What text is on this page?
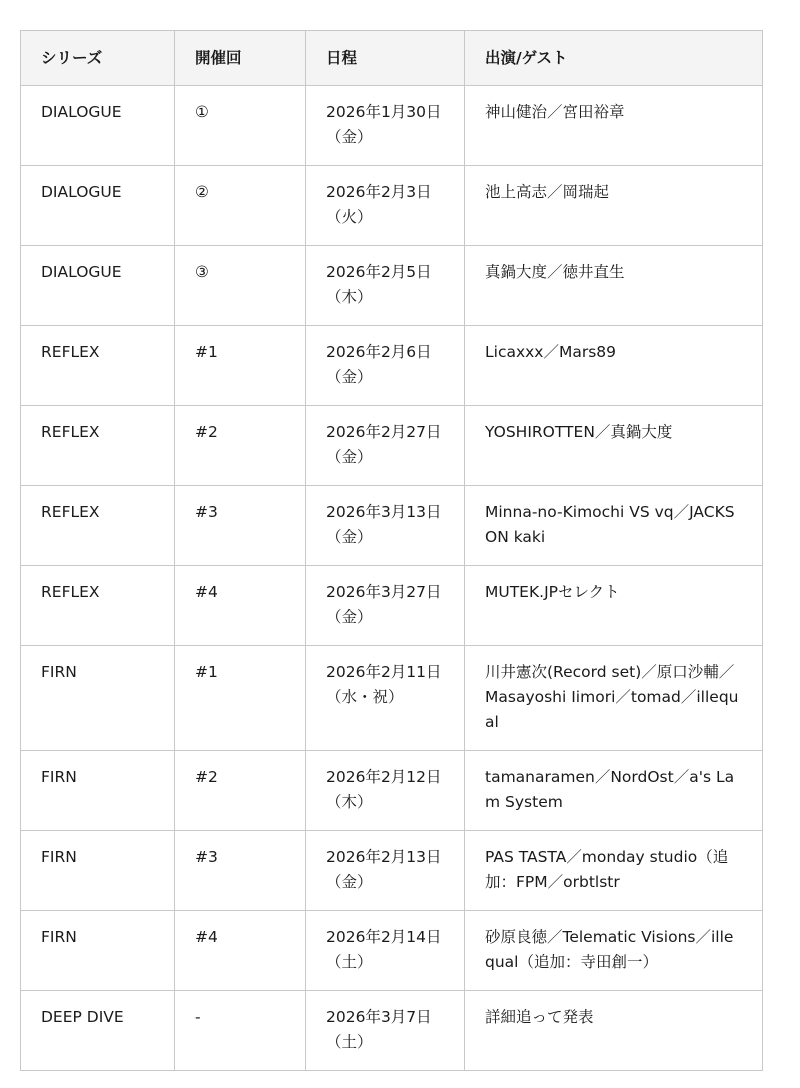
シリーズ	開催回	日程	出演/ゲスト
DIALOGUE	①	2026年1月30日（金）	神山健治／宮田裕章
DIALOGUE	②	2026年2月3日（火）	池上高志／岡瑞起
DIALOGUE	③	2026年2月5日（木）	真鍋大度／徳井直生
REFLEX	#1	2026年2月6日（金）	Licaxxx／Mars89
REFLEX	#2	2026年2月27日（金）	YOSHIROTTEN／真鍋大度
REFLEX	#3	2026年3月13日（金）	Minna-no-Kimochi VS vq／JACKSON kaki
REFLEX	#4	2026年3月27日（金）	MUTEK.JPセレクト
FIRN	#1	2026年2月11日（水・祝）	川井憲次(Record set)／原口沙輔／Masayoshi Iimori／tomad／illequal
FIRN	#2	2026年2月12日（木）	tamanaramen／NordOst／a's Lam System
FIRN	#3	2026年2月13日（金）	PAS TASTA／monday studio（追加：FPM／orbtlstr
FIRN	#4	2026年2月14日（土）	砂原良徳／Telematic Visions／illequal（追加：寺田創一）
DEEP DIVE	-	2026年3月7日（土）	詳細追って発表
